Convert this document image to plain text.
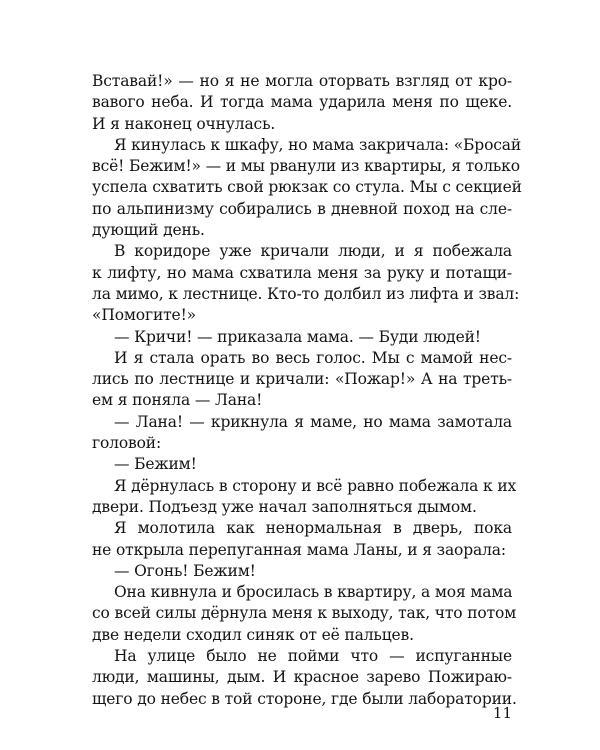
Вставай!» — но я не могла оторвать взгляд от кро-
вавого неба. И тогда мама ударила меня по щеке.
И я наконец очнулась.
Я кинулась к шкафу, но мама закричала: «Бросай
всё! Бежим!» — и мы рванули из квартиры, я только
успела схватить свой рюкзак со стула. Мы с секцией
по альпинизму собирались в дневной поход на сле-
дующий день.
В коридоре уже кричали люди, и я побежала
к лифту, но мама схватила меня за руку и потащи-
ла мимо, к лестнице. Кто-то долбил из лифта и звал:
«Помогите!»
— Кричи! — приказала мама. — Буди людей!
И я стала орать во весь голос. Мы с мамой нес-
лись по лестнице и кричали: «Пожар!» А на треть-
ем я поняла — Лана!
— Лана! — крикнула я маме, но мама замотала
головой:
— Бежим!
Я дёрнулась в сторону и всё равно побежала к их
двери. Подъезд уже начал заполняться дымом.
Я молотила как ненормальная в дверь, пока
не открыла перепуганная мама Ланы, и я заорала:
— Огонь! Бежим!
Она кивнула и бросилась в квартиру, а моя мама
со всей силы дёрнула меня к выходу, так, что потом
две недели сходил синяк от её пальцев.
На улице было не пойми что — испуганные
люди, машины, дым. И красное зарево Пожираю-
щего до небес в той стороне, где были лаборатории.
11
